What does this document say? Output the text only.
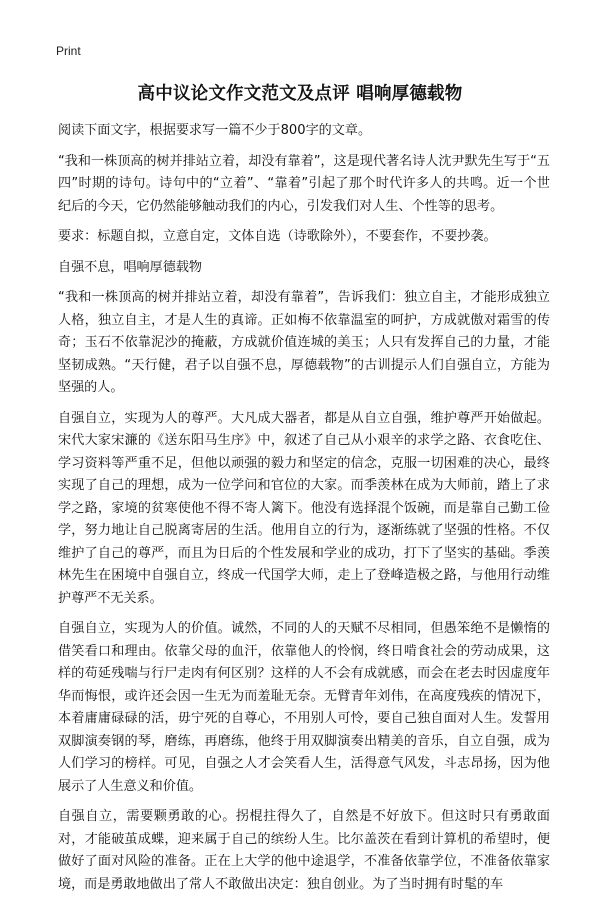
Print
高中议论文作文范文及点评 唱响厚德载物

阅读下面文字，根据要求写一篇不少于800字的文章。

“我和一株顶高的树并排站立着，却没有靠着”，这是现代著名诗人沈尹默先生写于“五四”时期的诗句。诗句中的“立着”、“靠着”引起了那个时代许多人的共鸣。近一个世纪后的今天，它仍然能够触动我们的内心，引发我们对人生、个性等的思考。

要求：标题自拟，立意自定，文体自选（诗歌除外），不要套作，不要抄袭。

自强不息，唱响厚德载物

“我和一株顶高的树并排站立着，却没有靠着”，告诉我们：独立自主，才能形成独立人格，独立自主，才是人生的真谛。正如梅不依靠温室的呵护，方成就傲对霜雪的传奇；玉石不依靠泥沙的掩蔽，方成就价值连城的美玉；人只有发挥自己的力量，才能坚韧成熟。“天行健，君子以自强不息，厚德载物”的古训提示人们自强自立，方能为坚强的人。

自强自立，实现为人的尊严。大凡成大器者，都是从自立自强，维护尊严开始做起。宋代大家宋濂的《送东阳马生序》中，叙述了自己从小艰辛的求学之路、衣食吃住、学习资料等严重不足，但他以顽强的毅力和坚定的信念，克服一切困难的决心，最终实现了自己的理想，成为一位学问和官位的大家。而季羡林在成为大师前，踏上了求学之路，家境的贫寒使他不得不寄人篱下。他没有选择混个饭碗，而是靠自己勤工俭学，努力地让自己脱离寄居的生活。他用自立的行为，逐渐练就了坚强的性格。不仅维护了自己的尊严，而且为日后的个性发展和学业的成功，打下了坚实的基础。季羡林先生在困境中自强自立，终成一代国学大师，走上了登峰造极之路，与他用行动维护尊严不无关系。

自强自立，实现为人的价值。诚然，不同的人的天赋不尽相同，但愚笨绝不是懒惰的借笑看口和理由。依靠父母的血汗，依靠他人的怜悯，终日啃食社会的劳动成果，这样的苟延残喘与行尸走肉有何区别？这样的人不会有成就感，而会在老去时因虚度年华而悔恨，或许还会因一生无为而羞耻无奈。无臂青年刘伟，在高度残疾的情况下，本着庸庸碌碌的活，毋宁死的自尊心，不用别人可怜，要自己独自面对人生。发誓用双脚演奏钢的琴，磨练，再磨练，他终于用双脚演奏出精美的音乐，自立自强，成为人们学习的榜样。可见，自强之人才会笑看人生，活得意气风发，斗志昂扬，因为他展示了人生意义和价值。

自强自立，需要颗勇敢的心。拐棍拄得久了，自然是不好放下。但这时只有勇敢面对，才能破茧成蝶，迎来属于自己的缤纷人生。比尔盖茨在看到计算机的希望时，便做好了面对风险的准备。正在上大学的他中途退学，不准备依靠学位，不准备依靠家境，而是勇敢地做出了常人不敢做出决定：独自创业。为了当时拥有时髦的车
